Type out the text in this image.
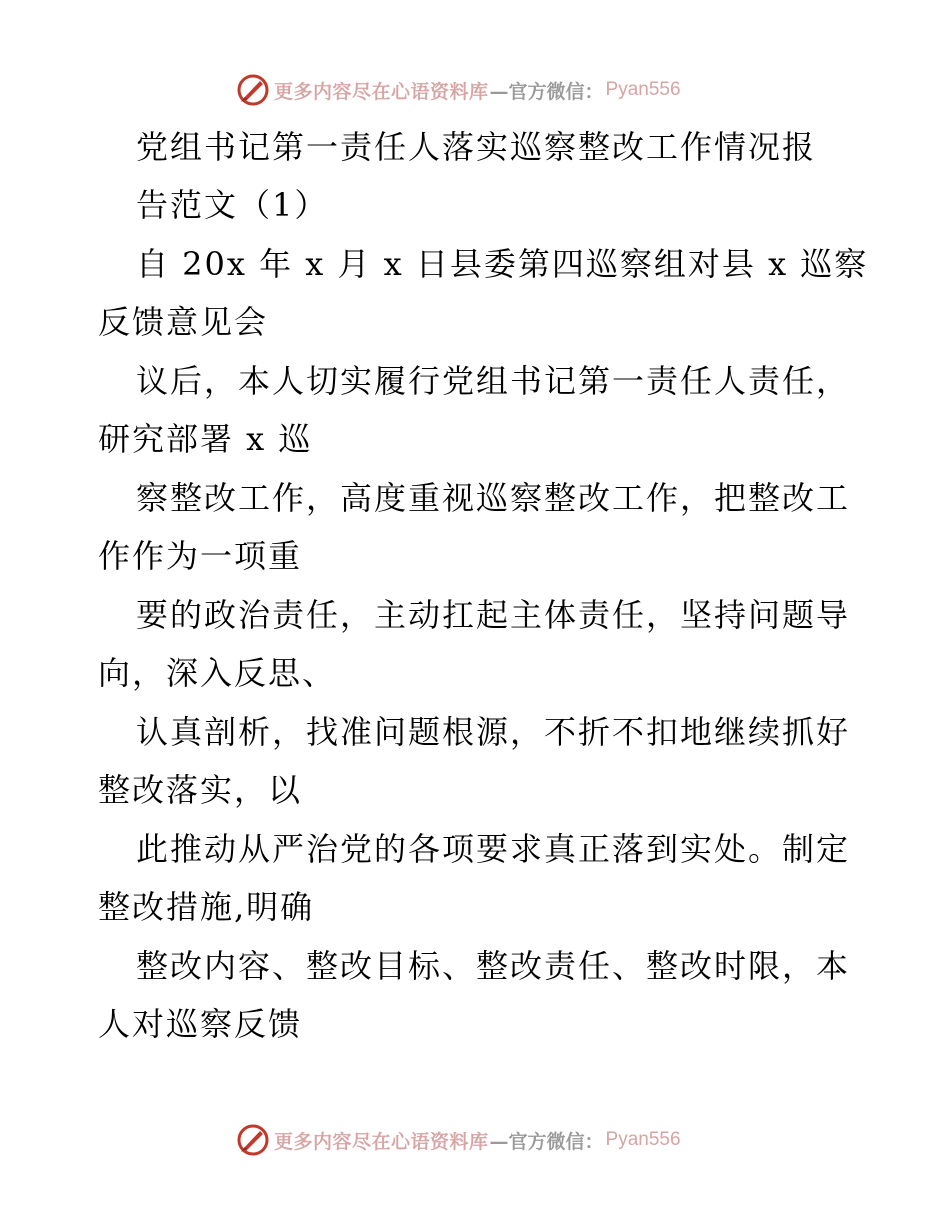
更多内容尽在心语资料库 —官方微信： Pyan556
党组书记第一责任人落实巡察整改工作情况报
告范文（1）
自 20x 年 x 月 x 日县委第四巡察组对县 x 巡察
反馈意见会
议后，本人切实履行党组书记第一责任人责任，
研究部署 x 巡
察整改工作，高度重视巡察整改工作，把整改工
作作为一项重
要的政治责任，主动扛起主体责任，坚持问题导
向，深入反思、
认真剖析，找准问题根源，不折不扣地继续抓好
整改落实，以
此推动从严治党的各项要求真正落到实处。制定
整改措施,明确
整改内容、整改目标、整改责任、整改时限，本
人对巡察反馈
更多内容尽在心语资料库 —官方微信： Pyan556
